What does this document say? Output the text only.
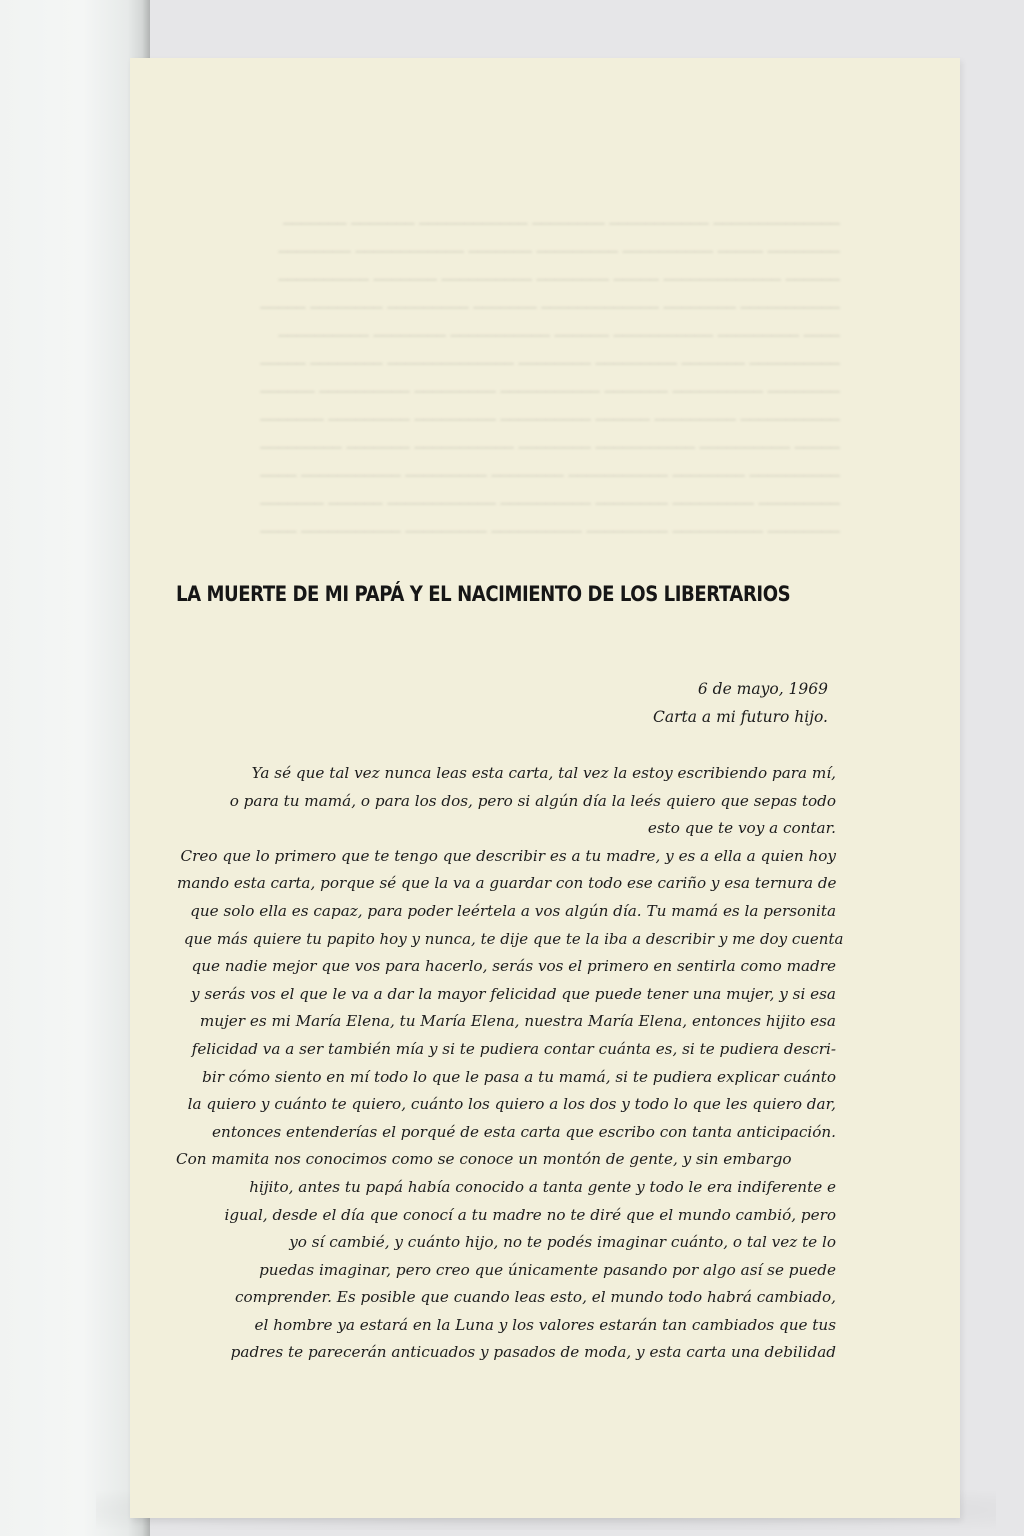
LA MUERTE DE MI PAPÁ Y EL NACIMIENTO DE LOS LIBERTARIOS
6 de mayo, 1969
Carta a mi futuro hijo.
Ya sé que tal vez nunca leas esta carta, tal vez la estoy escribiendo para mí,
o para tu mamá, o para los dos, pero si algún día la leés quiero que sepas todo
esto que te voy a contar.
Creo que lo primero que te tengo que describir es a tu madre, y es a ella a quien hoy
mando esta carta, porque sé que la va a guardar con todo ese cariño y esa ternura de
que solo ella es capaz, para poder leértela a vos algún día. Tu mamá es la personita
que más quiere tu papito hoy y nunca, te dije que te la iba a describir y me doy cuenta
que nadie mejor que vos para hacerlo, serás vos el primero en sentirla como madre
y serás vos el que le va a dar la mayor felicidad que puede tener una mujer, y si esa
mujer es mi María Elena, tu María Elena, nuestra María Elena, entonces hijito esa
felicidad va a ser también mía y si te pudiera contar cuánta es, si te pudiera descri-
bir cómo siento en mí todo lo que le pasa a tu mamá, si te pudiera explicar cuánto
la quiero y cuánto te quiero, cuánto los quiero a los dos y todo lo que les quiero dar,
entonces entenderías el porqué de esta carta que escribo con tanta anticipación.
Con mamita nos conocimos como se conoce un montón de gente, y sin embargo
hijito, antes tu papá había conocido a tanta gente y todo le era indiferente e
igual, desde el día que conocí a tu madre no te diré que el mundo cambió, pero
yo sí cambié, y cuánto hijo, no te podés imaginar cuánto, o tal vez te lo
puedas imaginar, pero creo que únicamente pasando por algo así se puede
comprender. Es posible que cuando leas esto, el mundo todo habrá cambiado,
el hombre ya estará en la Luna y los valores estarán tan cambiados que tus
padres te parecerán anticuados y pasados de moda, y esta carta una debilidad
